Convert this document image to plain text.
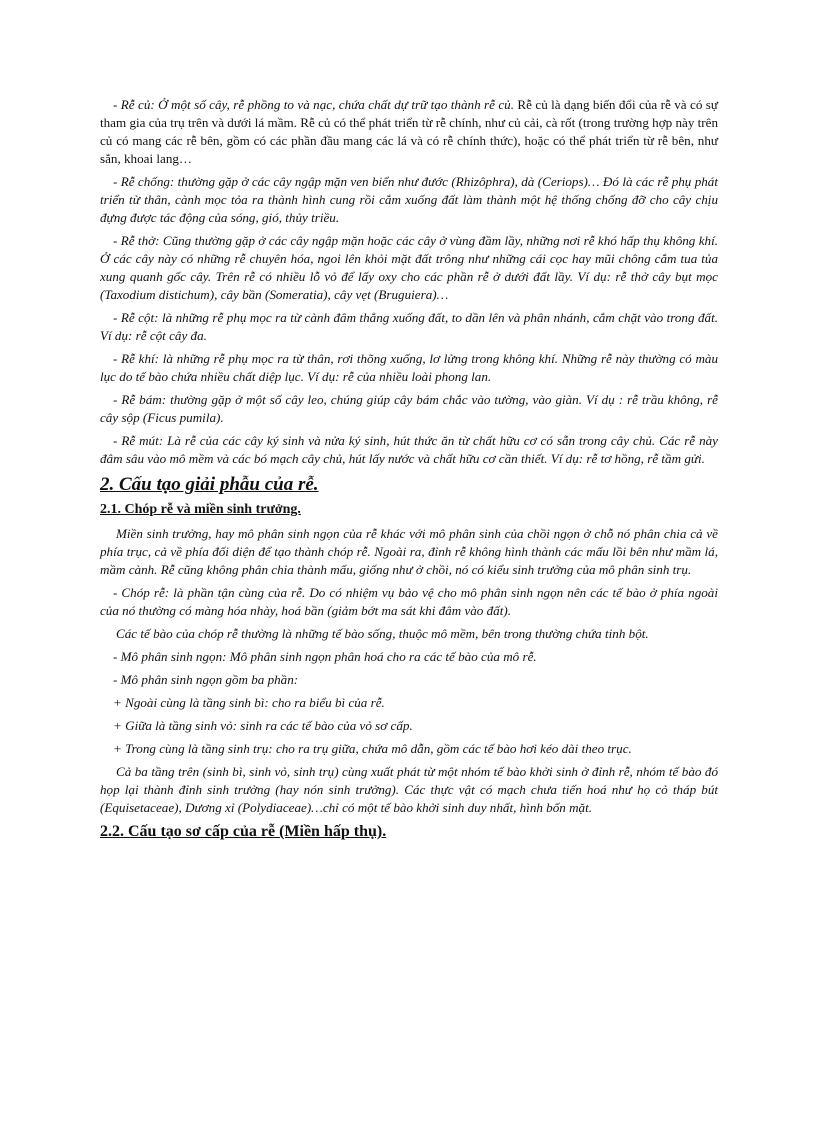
- Rễ củ: Ở một số cây, rễ phồng to và nạc, chứa chất dự trữ tạo thành rễ củ. Rễ củ là dạng biến đổi của rễ và có sự tham gia của trụ trên và dưới lá mầm. Rễ củ có thể phát triển từ rễ chính, như củ cải, cà rốt (trong trường hợp này trên củ có mang các rễ bên, gồm có các phần đầu mang các lá và có rễ chính thức), hoặc có thể phát triển từ rễ bên, như sắn, khoai lang…

- Rễ chống: thường gặp ở các cây ngập mặn ven biển như đước (Rhizôphra), dà (Ceriops)… Đó là các rễ phụ phát triển từ thân, cành mọc tỏa ra thành hình cung rồi cắm xuống đất làm thành một hệ thống chống đỡ cho cây chịu đựng được tác động của sóng, gió, thủy triều.

- Rễ thở: Cũng thường gặp ở các cây ngập mặn hoặc các cây ở vùng đầm lầy, những nơi rễ khó hấp thụ không khí. Ở các cây này có những rễ chuyên hóa, ngoi lên khỏi mặt đất trông như những cái cọc hay mũi chông cắm tua tủa xung quanh gốc cây. Trên rễ có nhiều lỗ vỏ để lấy oxy cho các phần rễ ở dưới đất lầy. Ví dụ: rễ thở cây bụt mọc (Taxodium distichum), cây bần (Someratia), cây vẹt (Bruguiera)…

- Rễ cột: là những rễ phụ mọc ra từ cành đâm thẳng xuống đất, to dần lên và phân nhánh, cắm chặt vào trong đất. Ví dụ: rễ cột cây đa.

- Rễ khí: là những rễ phụ mọc ra từ thân, rơi thõng xuống, lơ lửng trong không khí. Những rễ này thường có màu lục do tế bào chứa nhiều chất diệp lục. Ví dụ: rễ của nhiều loài phong lan.

- Rễ bám: thường gặp ở một số cây leo, chúng giúp cây bám chắc vào tường, vào giàn. Ví dụ : rễ trầu không, rễ cây sộp (Ficus pumila).

- Rễ mút: Là rễ của các cây ký sinh và nửa ký sinh, hút thức ăn từ chất hữu cơ có sẵn trong cây chủ. Các rễ này đâm sâu vào mô mềm và các bó mạch cây chủ, hút lấy nước và chất hữu cơ cần thiết. Ví dụ: rễ tơ hồng, rễ tầm gửi.

2. Cấu tạo giải phẫu của rễ.
2.1. Chóp rễ và miền sinh trưởng.

Miền sinh trưởng, hay mô phân sinh ngọn của rễ khác với mô phân sinh của chồi ngọn ở chỗ nó phân chia cả về phía trục, cả về phía đối diện để tạo thành chóp rễ. Ngoài ra, đỉnh rễ không hình thành các mấu lồi bên như mầm lá, mầm cành. Rễ cũng không phân chia thành mấu, giống như ở chồi, nó có kiểu sinh trưởng của mô phân sinh trụ.

- Chóp rễ: là phần tận cùng của rễ. Do có nhiệm vụ bảo vệ cho mô phân sinh ngọn nên các tế bào ở phía ngoài của nó thường có màng hóa nhày, hoá bần (giảm bớt ma sát khi đâm vào đất).

Các tế bào của chóp rễ thường là những tế bào sống, thuộc mô mềm, bên trong thường chứa tinh bột.

- Mô phân sinh ngọn: Mô phân sinh ngọn phân hoá cho ra các tế bào của mô rễ.

- Mô phân sinh ngọn gồm ba phần:

+ Ngoài cùng là tầng sinh bì: cho ra biểu bì của rễ.

+ Giữa là tầng sinh vỏ: sinh ra các tế bào của vỏ sơ cấp.

+ Trong cùng là tầng sinh trụ: cho ra trụ giữa, chứa mô dẫn, gồm các tế bào hơi kéo dài theo trục.

Cả ba tầng trên (sinh bì, sinh vỏ, sinh trụ) cùng xuất phát từ một nhóm tế bào khởi sinh ở đỉnh rễ, nhóm tế bào đó họp lại thành đỉnh sinh trưởng (hay nón sinh trưởng). Các thực vật có mạch chưa tiến hoá như họ cỏ tháp bút (Equisetaceae), Dương xỉ (Polydiaceae)…chỉ có một tế bào khởi sinh duy nhất, hình bốn mặt.

2.2. Cấu tạo sơ cấp của rễ (Miền hấp thụ).
